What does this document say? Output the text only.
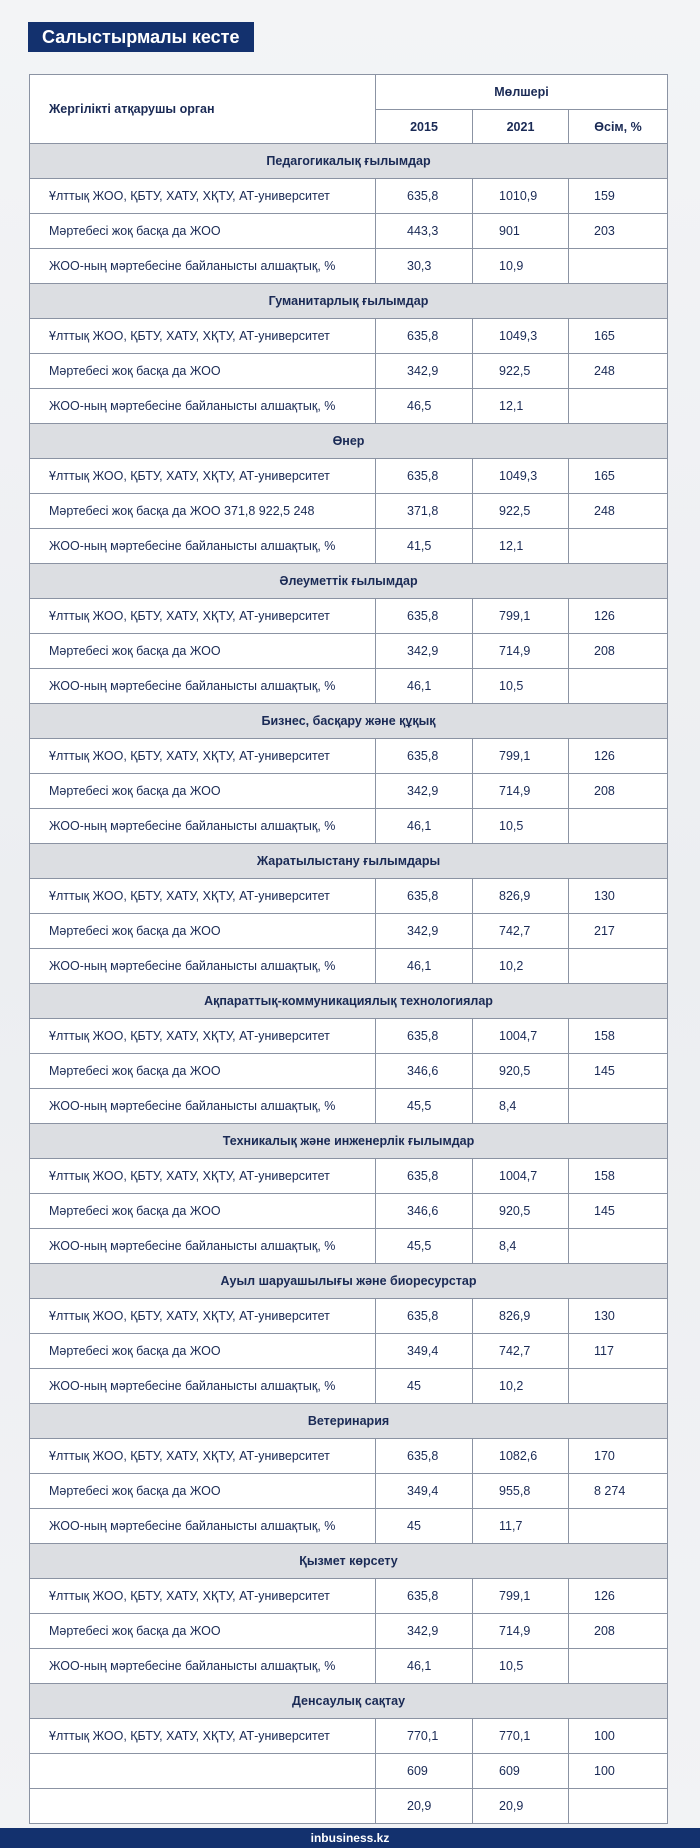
Салыстырмалы кесте
Жергілікті атқарушы орган	Мөлшері		
	2015	2021	Өсім, %
Педагогикалық ғылымдар			
Ұлттық ЖОО, ҚБТУ, ХАТУ, ХҚТУ, АТ-университет	635,8	1010,9	159
Мәртебесі жоқ басқа да ЖОО	443,3	901	203
ЖОО-ның мәртебесіне байланысты алшақтық, %	30,3	10,9	
Гуманитарлық ғылымдар			
Ұлттық ЖОО, ҚБТУ, ХАТУ, ХҚТУ, АТ-университет	635,8	1049,3	165
Мәртебесі жоқ басқа да ЖОО	342,9	922,5	248
ЖОО-ның мәртебесіне байланысты алшақтық, %	46,5	12,1	
Өнер			
Ұлттық ЖОО, ҚБТУ, ХАТУ, ХҚТУ, АТ-университет	635,8	1049,3	165
Мәртебесі жоқ басқа да ЖОО 371,8 922,5 248	371,8	922,5	248
ЖОО-ның мәртебесіне байланысты алшақтық, %	41,5	12,1	
Әлеуметтік ғылымдар			
Ұлттық ЖОО, ҚБТУ, ХАТУ, ХҚТУ, АТ-университет	635,8	799,1	126
Мәртебесі жоқ басқа да ЖОО	342,9	714,9	208
ЖОО-ның мәртебесіне байланысты алшақтық, %	46,1	10,5	
Бизнес, басқару және құқық			
Ұлттық ЖОО, ҚБТУ, ХАТУ, ХҚТУ, АТ-университет	635,8	799,1	126
Мәртебесі жоқ басқа да ЖОО	342,9	714,9	208
ЖОО-ның мәртебесіне байланысты алшақтық, %	46,1	10,5	
Жаратылыстану ғылымдары			
Ұлттық ЖОО, ҚБТУ, ХАТУ, ХҚТУ, АТ-университет	635,8	826,9	130
Мәртебесі жоқ басқа да ЖОО	342,9	742,7	217
ЖОО-ның мәртебесіне байланысты алшақтық, %	46,1	10,2	
Ақпараттық-коммуникациялық технологиялар			
Ұлттық ЖОО, ҚБТУ, ХАТУ, ХҚТУ, АТ-университет	635,8	1004,7	158
Мәртебесі жоқ басқа да ЖОО	346,6	920,5	145
ЖОО-ның мәртебесіне байланысты алшақтық, %	45,5	8,4	
Техникалық және инженерлік ғылымдар			
Ұлттық ЖОО, ҚБТУ, ХАТУ, ХҚТУ, АТ-университет	635,8	1004,7	158
Мәртебесі жоқ басқа да ЖОО	346,6	920,5	145
ЖОО-ның мәртебесіне байланысты алшақтық, %	45,5	8,4	
Ауыл шаруашылығы және биоресурстар			
Ұлттық ЖОО, ҚБТУ, ХАТУ, ХҚТУ, АТ-университет	635,8	826,9	130
Мәртебесі жоқ басқа да ЖОО	349,4	742,7	117
ЖОО-ның мәртебесіне байланысты алшақтық, %	45	10,2	
Ветеринария			
Ұлттық ЖОО, ҚБТУ, ХАТУ, ХҚТУ, АТ-университет	635,8	1082,6	170
Мәртебесі жоқ басқа да ЖОО	349,4	955,8	8 274
ЖОО-ның мәртебесіне байланысты алшақтық, %	45	11,7	
Қызмет көрсету			
Ұлттық ЖОО, ҚБТУ, ХАТУ, ХҚТУ, АТ-университет	635,8	799,1	126
Мәртебесі жоқ басқа да ЖОО	342,9	714,9	208
ЖОО-ның мәртебесіне байланысты алшақтық, %	46,1	10,5	
Денсаулық сақтау			
Ұлттық ЖОО, ҚБТУ, ХАТУ, ХҚТУ, АТ-университет	770,1	770,1	100
	609	609	100
	20,9	20,9	
inbusiness.kz
